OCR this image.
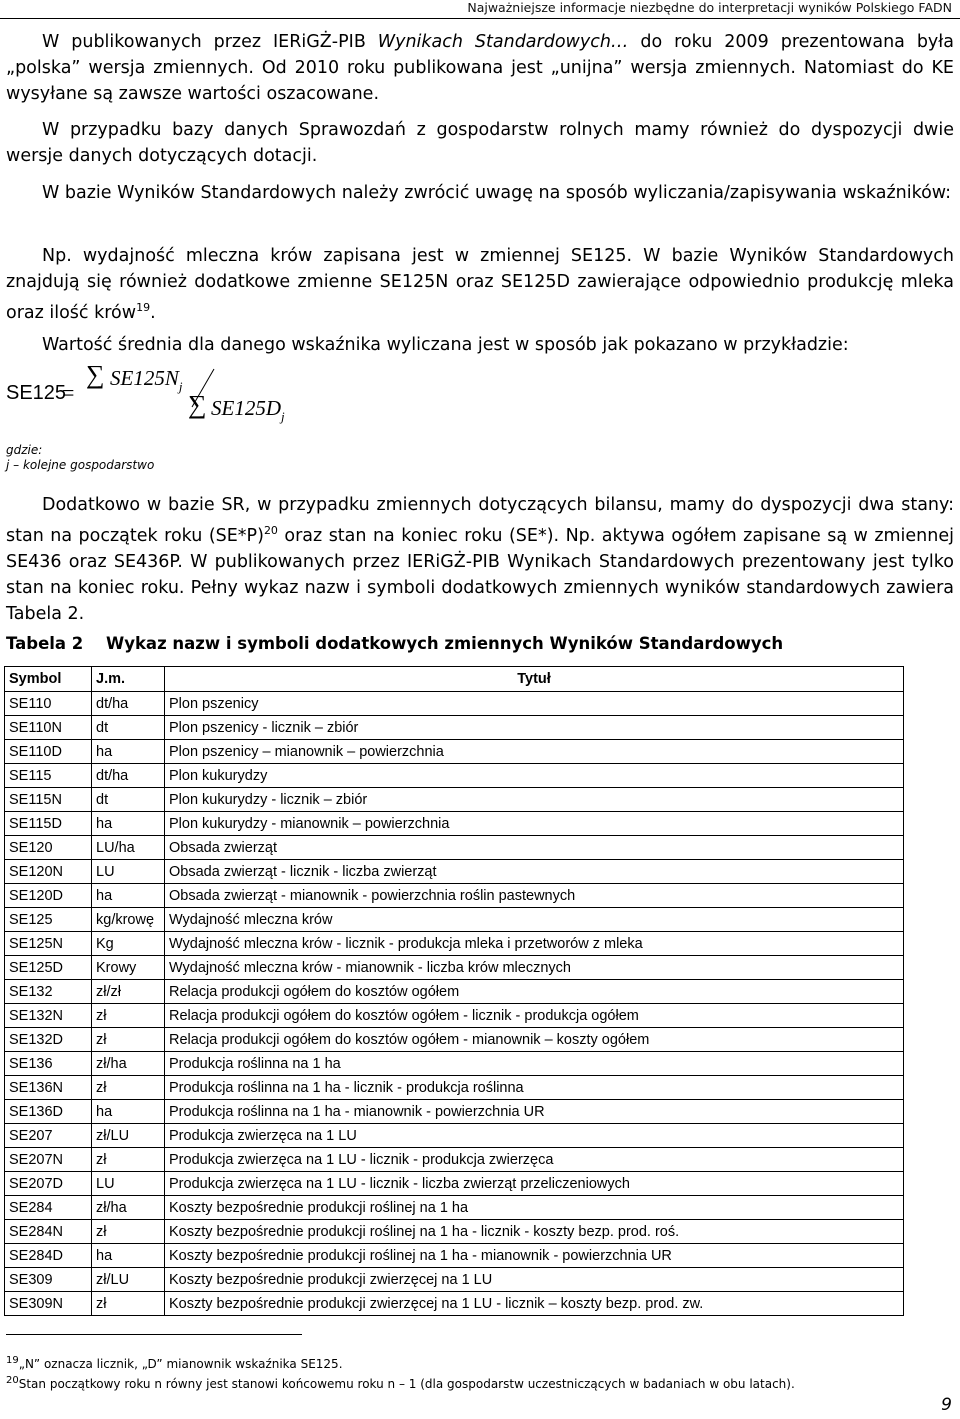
Najważniejsze informacje niezbędne do interpretacji wyników Polskiego FADN
W publikowanych przez IERiGŻ-PIB Wynikach Standardowych… do roku 2009 prezentowana była „polska” wersja zmiennych. Od 2010 roku publikowana jest „unijna” wersja zmiennych. Natomiast do KE wysyłane są zawsze wartości oszacowane.
W przypadku bazy danych Sprawozdań z gospodarstw rolnych mamy również do dyspozycji dwie wersje danych dotyczących dotacji.
W bazie Wyników Standardowych należy zwrócić uwagę na sposób wyliczania/zapisywania wskaźników:
Np. wydajność mleczna krów zapisana jest w zmiennej SE125. W bazie Wyników Standardowych znajdują się również dodatkowe zmienne SE125N oraz SE125D zawierające odpowiednio produkcję mleka oraz ilość krów$^{19}$.
Wartość średnia dla danego wskaźnika wyliczana jest w sposób jak pokazano w przykładzie:
SE125
=
∑ $SE125N_j$
∑ $SE125D_j$
gdzie:
j – kolejne gospodarstwo
Dodatkowo w bazie SR, w przypadku zmiennych dotyczących bilansu, mamy do dyspozycji dwa stany: stan na początek roku $(SE*P)^{20}$ oraz stan na koniec roku (SE*). Np. aktywa ogółem zapisane są w zmiennej SE436 oraz SE436P. W publikowanych przez IERiGŻ-PIB Wynikach Standardowych prezentowany jest tylko stan na koniec roku. Pełny wykaz nazw i symboli dodatkowych zmiennych wyników standardowych zawiera Tabela 2.
Tabela 2 Wykaz nazw i symboli dodatkowych zmiennych Wyników Standardowych
Symbol	J.m.	Tytuł
SE110	dt/ha	Plon pszenicy
SE110N	dt	Plon pszenicy - licznik – zbiór
SE110D	ha	Plon pszenicy – mianownik – powierzchnia
SE115	dt/ha	Plon kukurydzy
SE115N	dt	Plon kukurydzy - licznik – zbiór
SE115D	ha	Plon kukurydzy - mianownik – powierzchnia
SE120	LU/ha	Obsada zwierząt
SE120N	LU	Obsada zwierząt - licznik - liczba zwierząt
SE120D	ha	Obsada zwierząt - mianownik - powierzchnia roślin pastewnych
SE125	kg/krowę	Wydajność mleczna krów
SE125N	Kg	Wydajność mleczna krów - licznik - produkcja mleka i przetworów z mleka
SE125D	Krowy	Wydajność mleczna krów - mianownik - liczba krów mlecznych
SE132	zł/zł	Relacja produkcji ogółem do kosztów ogółem
SE132N	zł	Relacja produkcji ogółem do kosztów ogółem - licznik - produkcja ogółem
SE132D	zł	Relacja produkcji ogółem do kosztów ogółem - mianownik – koszty ogółem
SE136	zł/ha	Produkcja roślinna na 1 ha
SE136N	zł	Produkcja roślinna na 1 ha - licznik - produkcja roślinna
SE136D	ha	Produkcja roślinna na 1 ha - mianownik - powierzchnia UR
SE207	zł/LU	Produkcja zwierzęca na 1 LU
SE207N	zł	Produkcja zwierzęca na 1 LU - licznik - produkcja zwierzęca
SE207D	LU	Produkcja zwierzęca na 1 LU - licznik - liczba zwierząt przeliczeniowych
SE284	zł/ha	Koszty bezpośrednie produkcji roślinej na 1 ha
SE284N	zł	Koszty bezpośrednie produkcji roślinej na 1 ha - licznik - koszty bezp. prod. roś.
SE284D	ha	Koszty bezpośrednie produkcji roślinej na 1 ha - mianownik - powierzchnia UR
SE309	zł/LU	Koszty bezpośrednie produkcji zwierzęcej na 1 LU
SE309N	zł	Koszty bezpośrednie produkcji zwierzęcej na 1 LU - licznik – koszty bezp. prod. zw.
$^{19}$„N” oznacza licznik, „D” mianownik wskaźnika SE125.
$^{20}$Stan początkowy roku n równy jest stanowi końcowemu roku n – 1 (dla gospodarstw uczestniczących w badaniach w obu latach).
9
